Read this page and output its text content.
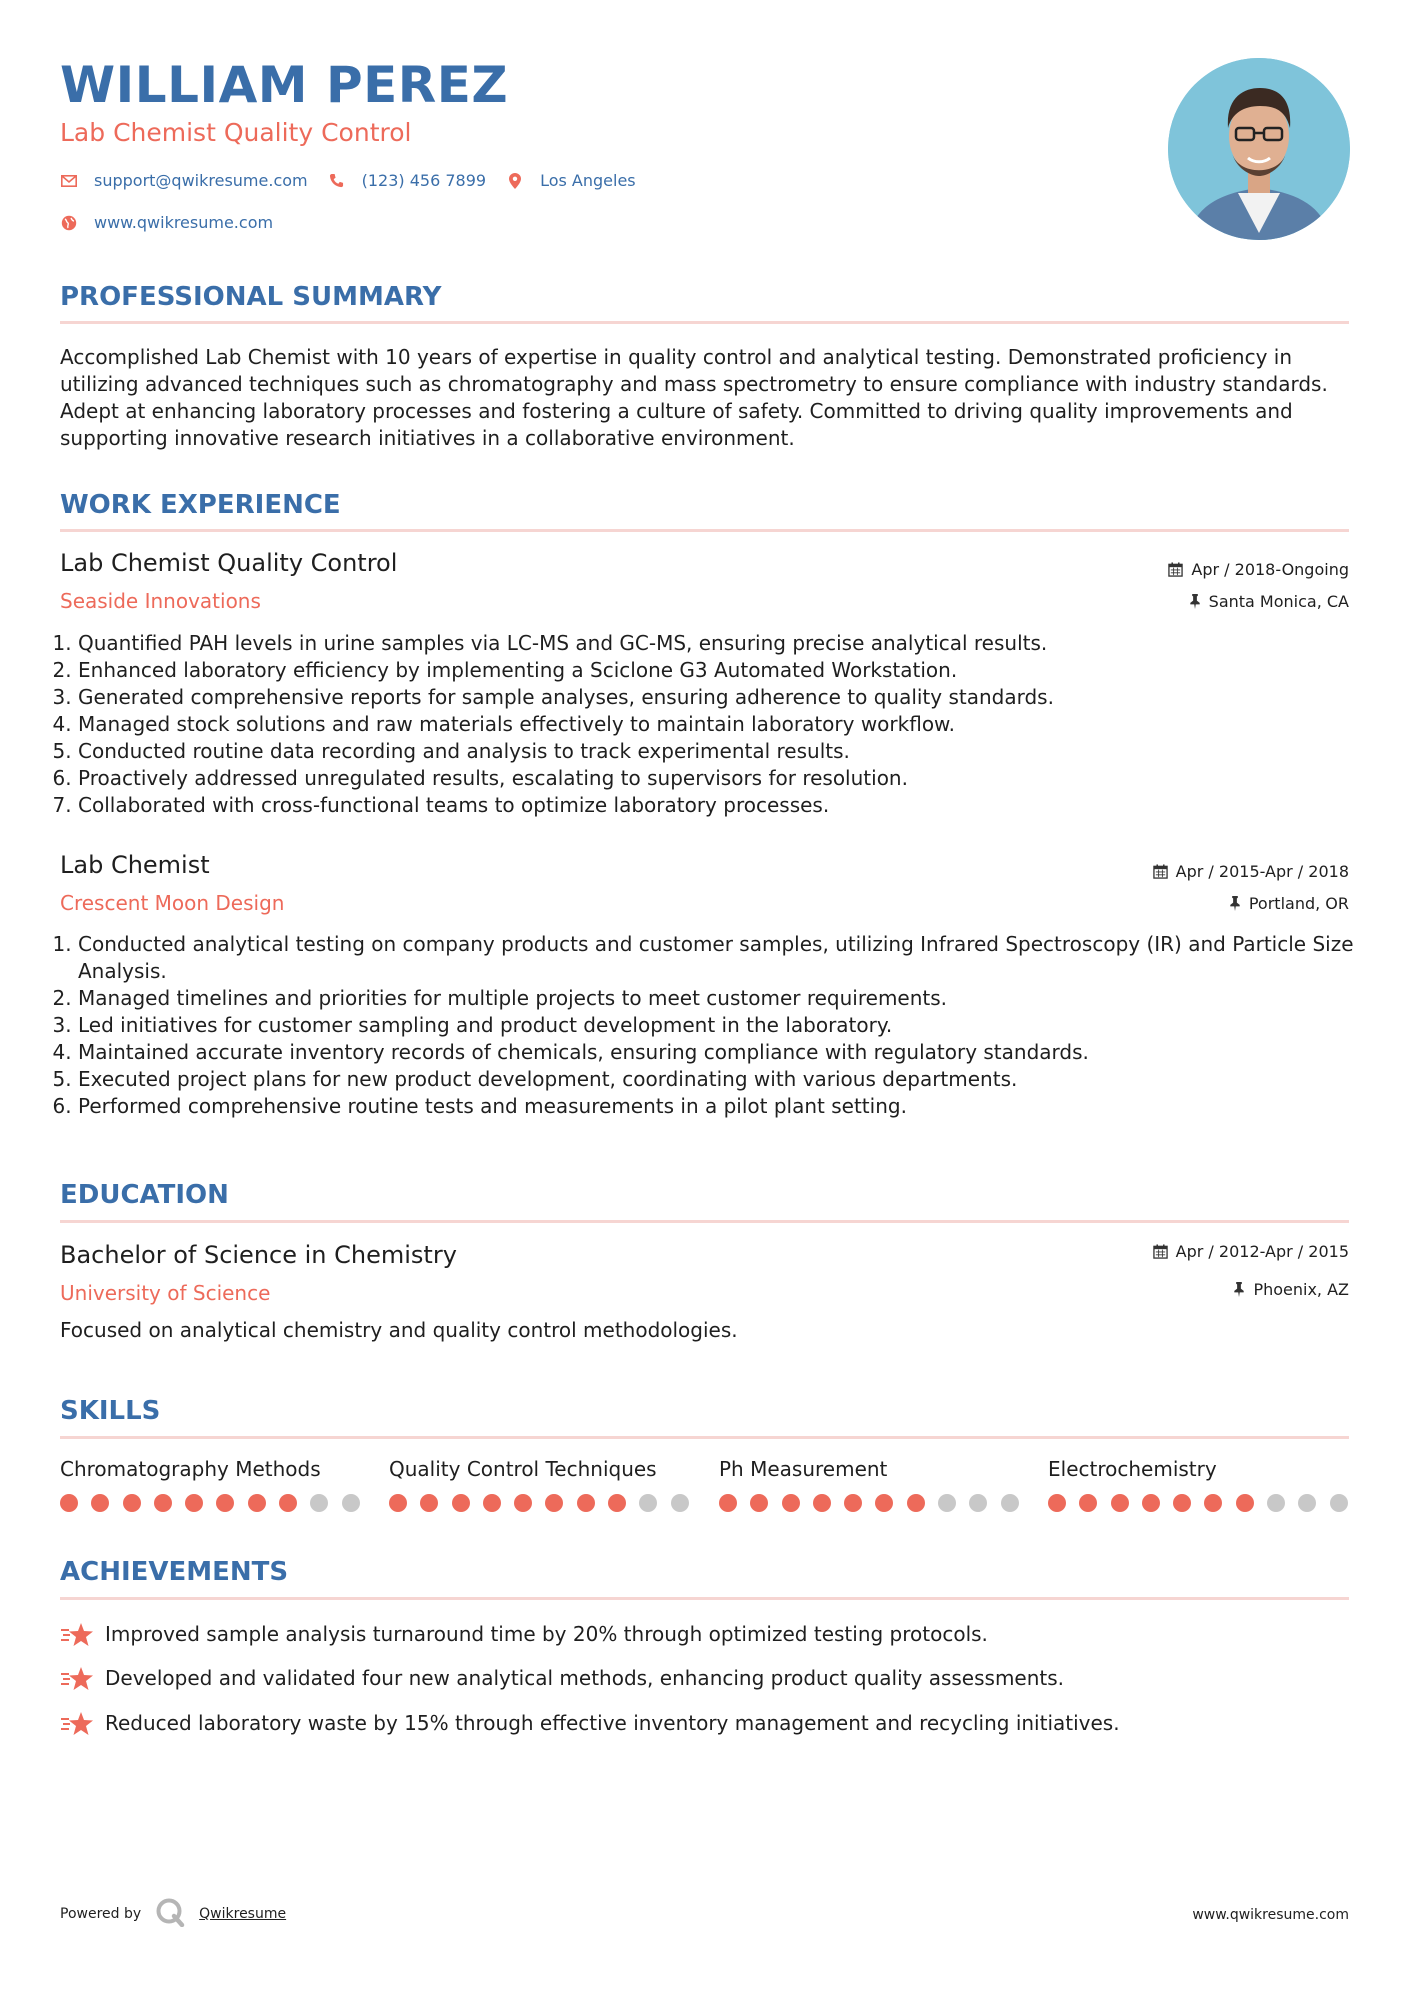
WILLIAM PEREZ
Lab Chemist Quality Control
support@qwikresume.com	(123) 456 7899	Los Angeles
www.qwikresume.com
PROFESSIONAL SUMMARY
Accomplished Lab Chemist with 10 years of expertise in quality control and analytical testing. Demonstrated proficiency in utilizing advanced techniques such as chromatography and mass spectrometry to ensure compliance with industry standards. Adept at enhancing laboratory processes and fostering a culture of safety. Committed to driving quality improvements and supporting innovative research initiatives in a collaborative environment.
WORK EXPERIENCE
Lab Chemist Quality Control	Apr / 2018-Ongoing
Seaside Innovations	Santa Monica, CA
1. Quantified PAH levels in urine samples via LC-MS and GC-MS, ensuring precise analytical results.
2. Enhanced laboratory efficiency by implementing a Sciclone G3 Automated Workstation.
3. Generated comprehensive reports for sample analyses, ensuring adherence to quality standards.
4. Managed stock solutions and raw materials effectively to maintain laboratory workflow.
5. Conducted routine data recording and analysis to track experimental results.
6. Proactively addressed unregulated results, escalating to supervisors for resolution.
7. Collaborated with cross-functional teams to optimize laboratory processes.
Lab Chemist	Apr / 2015-Apr / 2018
Crescent Moon Design	Portland, OR
1. Conducted analytical testing on company products and customer samples, utilizing Infrared Spectroscopy (IR) and Particle Size Analysis.
2. Managed timelines and priorities for multiple projects to meet customer requirements.
3. Led initiatives for customer sampling and product development in the laboratory.
4. Maintained accurate inventory records of chemicals, ensuring compliance with regulatory standards.
5. Executed project plans for new product development, coordinating with various departments.
6. Performed comprehensive routine tests and measurements in a pilot plant setting.
EDUCATION
Bachelor of Science in Chemistry	Apr / 2012-Apr / 2015
University of Science	Phoenix, AZ
Focused on analytical chemistry and quality control methodologies.
SKILLS
Chromatography Methods	Quality Control Techniques	Ph Measurement	Electrochemistry
ACHIEVEMENTS
Improved sample analysis turnaround time by 20% through optimized testing protocols.
Developed and validated four new analytical methods, enhancing product quality assessments.
Reduced laboratory waste by 15% through effective inventory management and recycling initiatives.
Powered by	Qwikresume	www.qwikresume.com
